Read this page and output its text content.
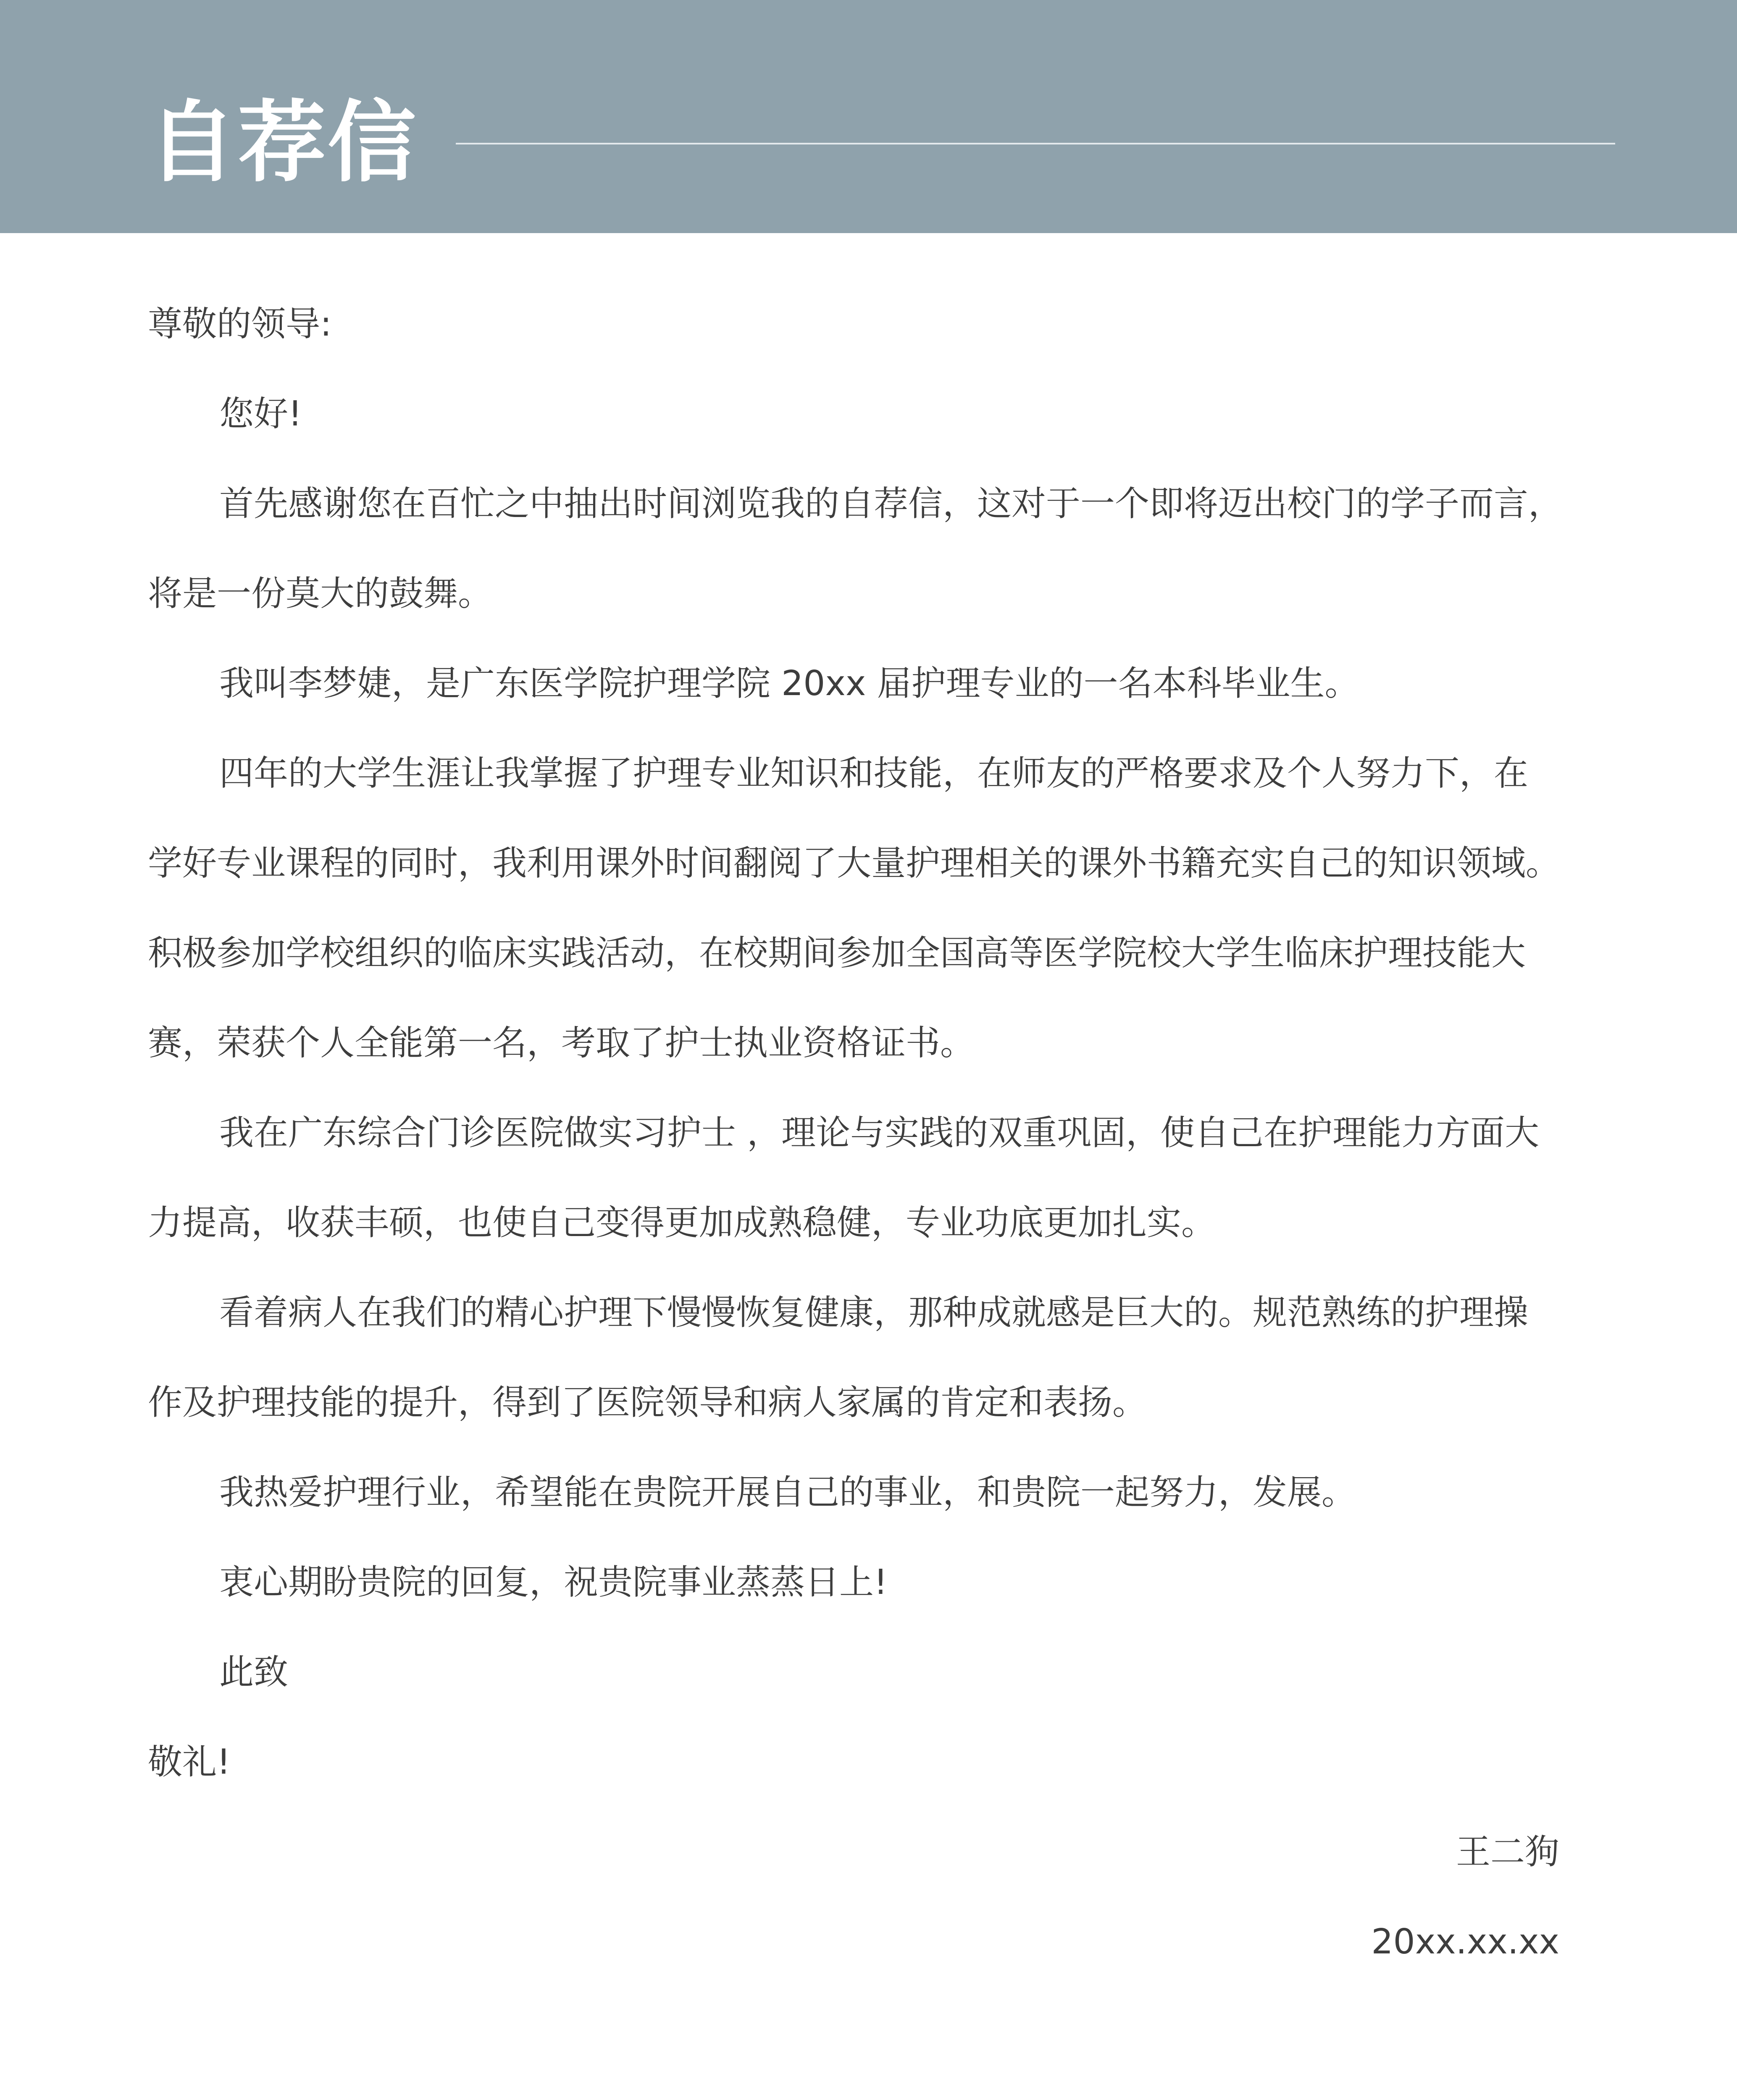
自荐信

尊敬的领导:

您好!

首先感谢您在百忙之中抽出时间浏览我的自荐信，这对于一个即将迈出校门的学子而言，

将是一份莫大的鼓舞。

我叫李梦婕，是广东医学院护理学院 20xx 届护理专业的一名本科毕业生。

四年的大学生涯让我掌握了护理专业知识和技能，在师友的严格要求及个人努力下，在

学好专业课程的同时，我利用课外时间翻阅了大量护理相关的课外书籍充实自己的知识领域。

积极参加学校组织的临床实践活动，在校期间参加全国高等医学院校大学生临床护理技能大

赛，荣获个人全能第一名，考取了护士执业资格证书。

我在广东综合门诊医院做实习护士 ，理论与实践的双重巩固，使自己在护理能力方面大

力提高，收获丰硕，也使自己变得更加成熟稳健，专业功底更加扎实。

看着病人在我们的精心护理下慢慢恢复健康，那种成就感是巨大的。规范熟练的护理操

作及护理技能的提升，得到了医院领导和病人家属的肯定和表扬。

我热爱护理行业，希望能在贵院开展自己的事业，和贵院一起努力，发展。

衷心期盼贵院的回复，祝贵院事业蒸蒸日上!

此致

敬礼!

王二狗

20xx.xx.xx
